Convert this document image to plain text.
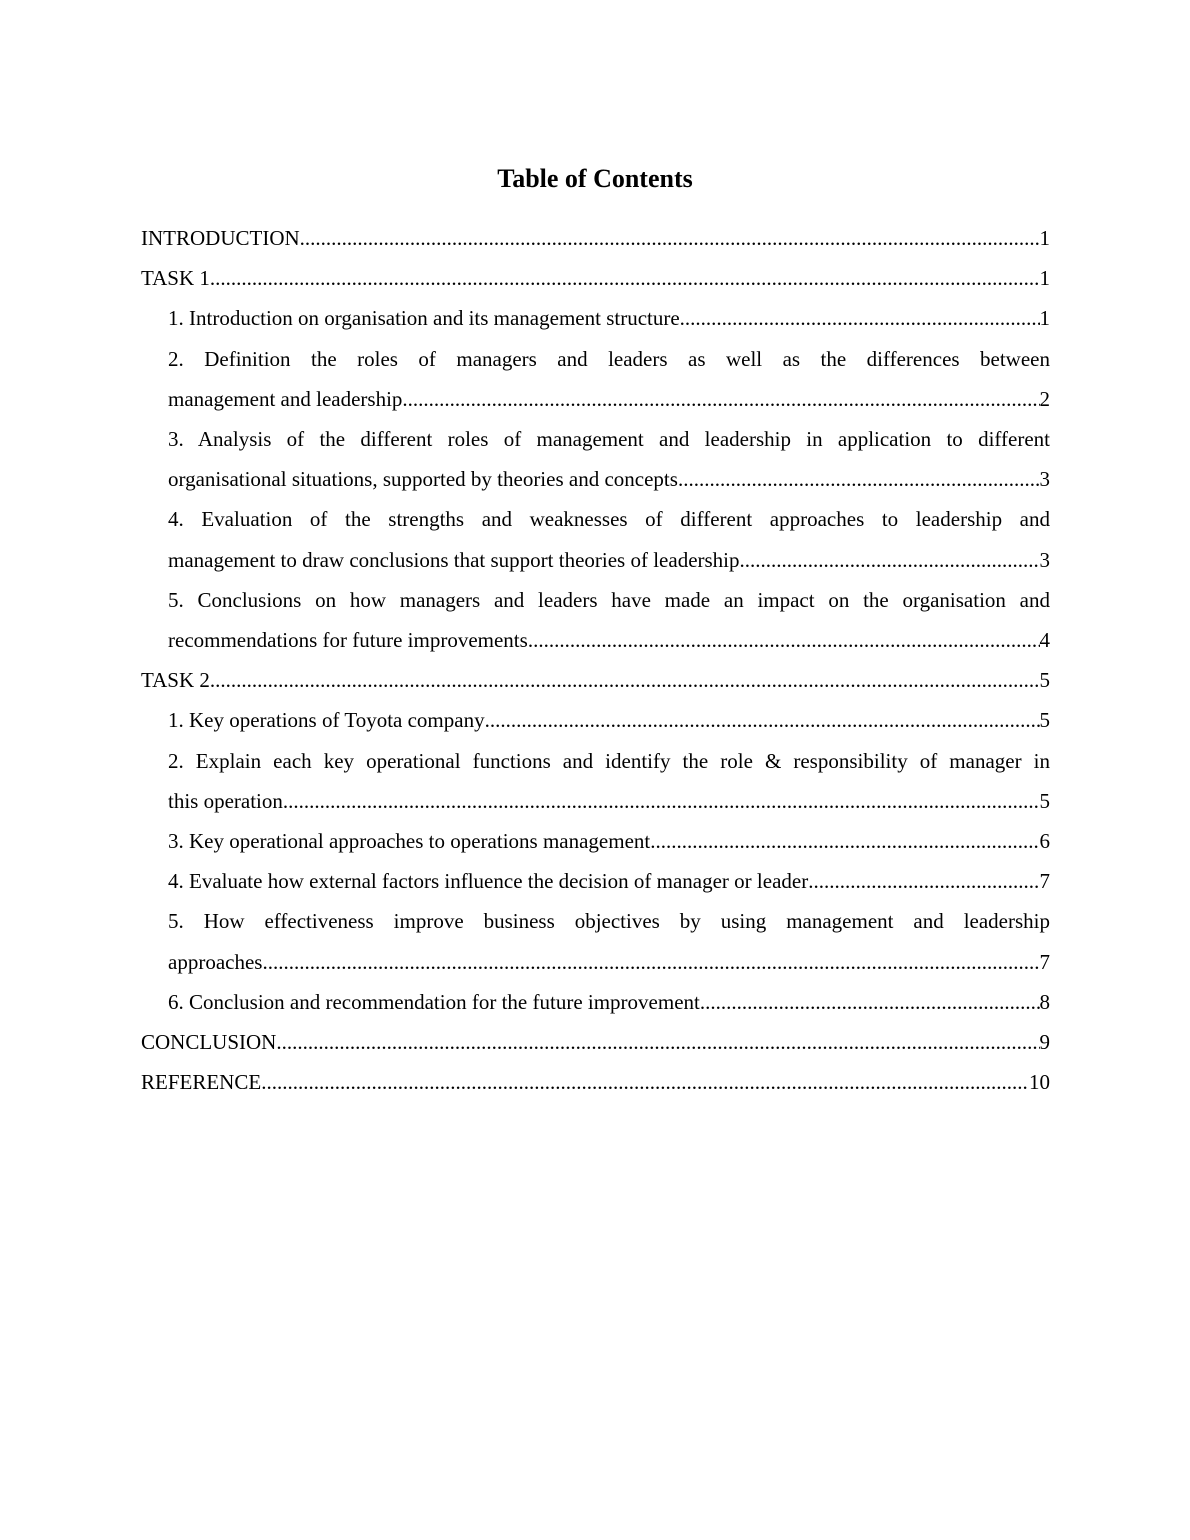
Table of Contents
INTRODUCTION .....	1
TASK 1 .....	1
1. Introduction on organisation and its management structure .....	1
2. Definition the roles of managers and leaders as well as the differences between
management and leadership .....	2
3. Analysis of the different roles of management and leadership in application to different
organisational situations, supported by theories and concepts .....	3
4. Evaluation of the strengths and weaknesses of different approaches to leadership and
management to draw conclusions that support theories of leadership .....	3
5. Conclusions on how managers and leaders have made an impact on the organisation and
recommendations for future improvements .....	4
TASK 2 .....	5
1. Key operations of Toyota company .....	5
2. Explain each key operational functions and identify the role & responsibility of manager in
this operation .....	5
3. Key operational approaches to operations management .....	6
4. Evaluate how external factors influence the decision of manager or leader .....	7
5. How effectiveness improve business objectives by using management and leadership
approaches .....	7
6. Conclusion and recommendation for the future improvement .....	8
CONCLUSION .....	9
REFERENCE .....	10
